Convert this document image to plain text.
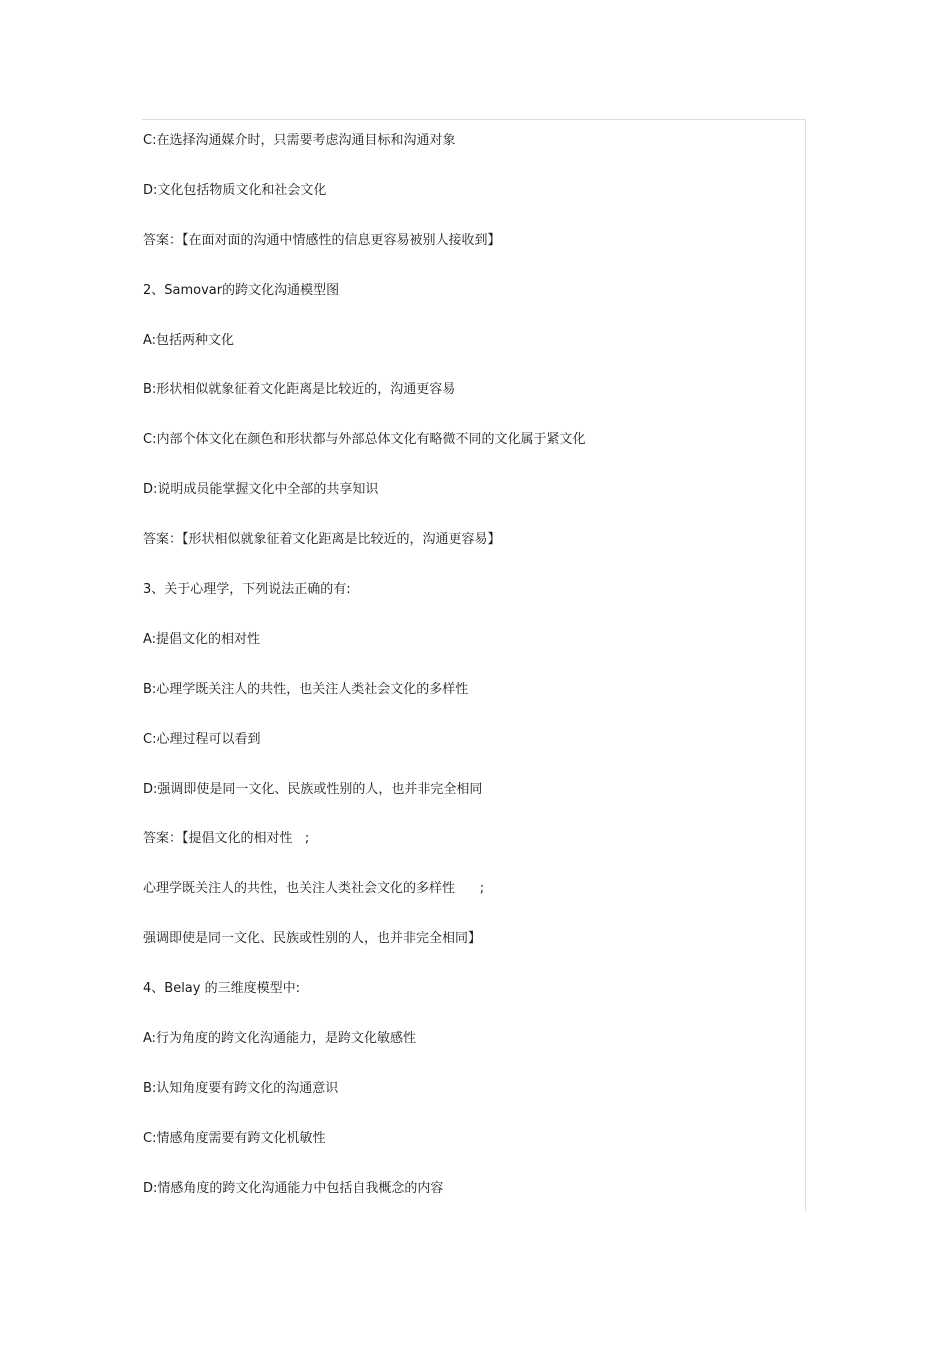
C:在选择沟通媒介时，只需要考虑沟通目标和沟通对象

D:文化包括物质文化和社会文化

答案：【在面对面的沟通中情感性的信息更容易被别人接收到】

2、Samovar的跨文化沟通模型图

A:包括两种文化

B:形状相似就象征着文化距离是比较近的，沟通更容易

C:内部个体文化在颜色和形状都与外部总体文化有略微不同的文化属于紧文化

D:说明成员能掌握文化中全部的共享知识

答案：【形状相似就象征着文化距离是比较近的，沟通更容易】

3、关于心理学，下列说法正确的有:

A:提倡文化的相对性

B:心理学既关注人的共性，也关注人类社会文化的多样性

C:心理过程可以看到

D:强调即使是同一文化、民族或性别的人，也并非完全相同

答案：【提倡文化的相对性   ;

心理学既关注人的共性，也关注人类社会文化的多样性      ;

强调即使是同一文化、民族或性别的人，也并非完全相同】

4、Belay 的三维度模型中:

A:行为角度的跨文化沟通能力，是跨文化敏感性

B:认知角度要有跨文化的沟通意识

C:情感角度需要有跨文化机敏性

D:情感角度的跨文化沟通能力中包括自我概念的内容
